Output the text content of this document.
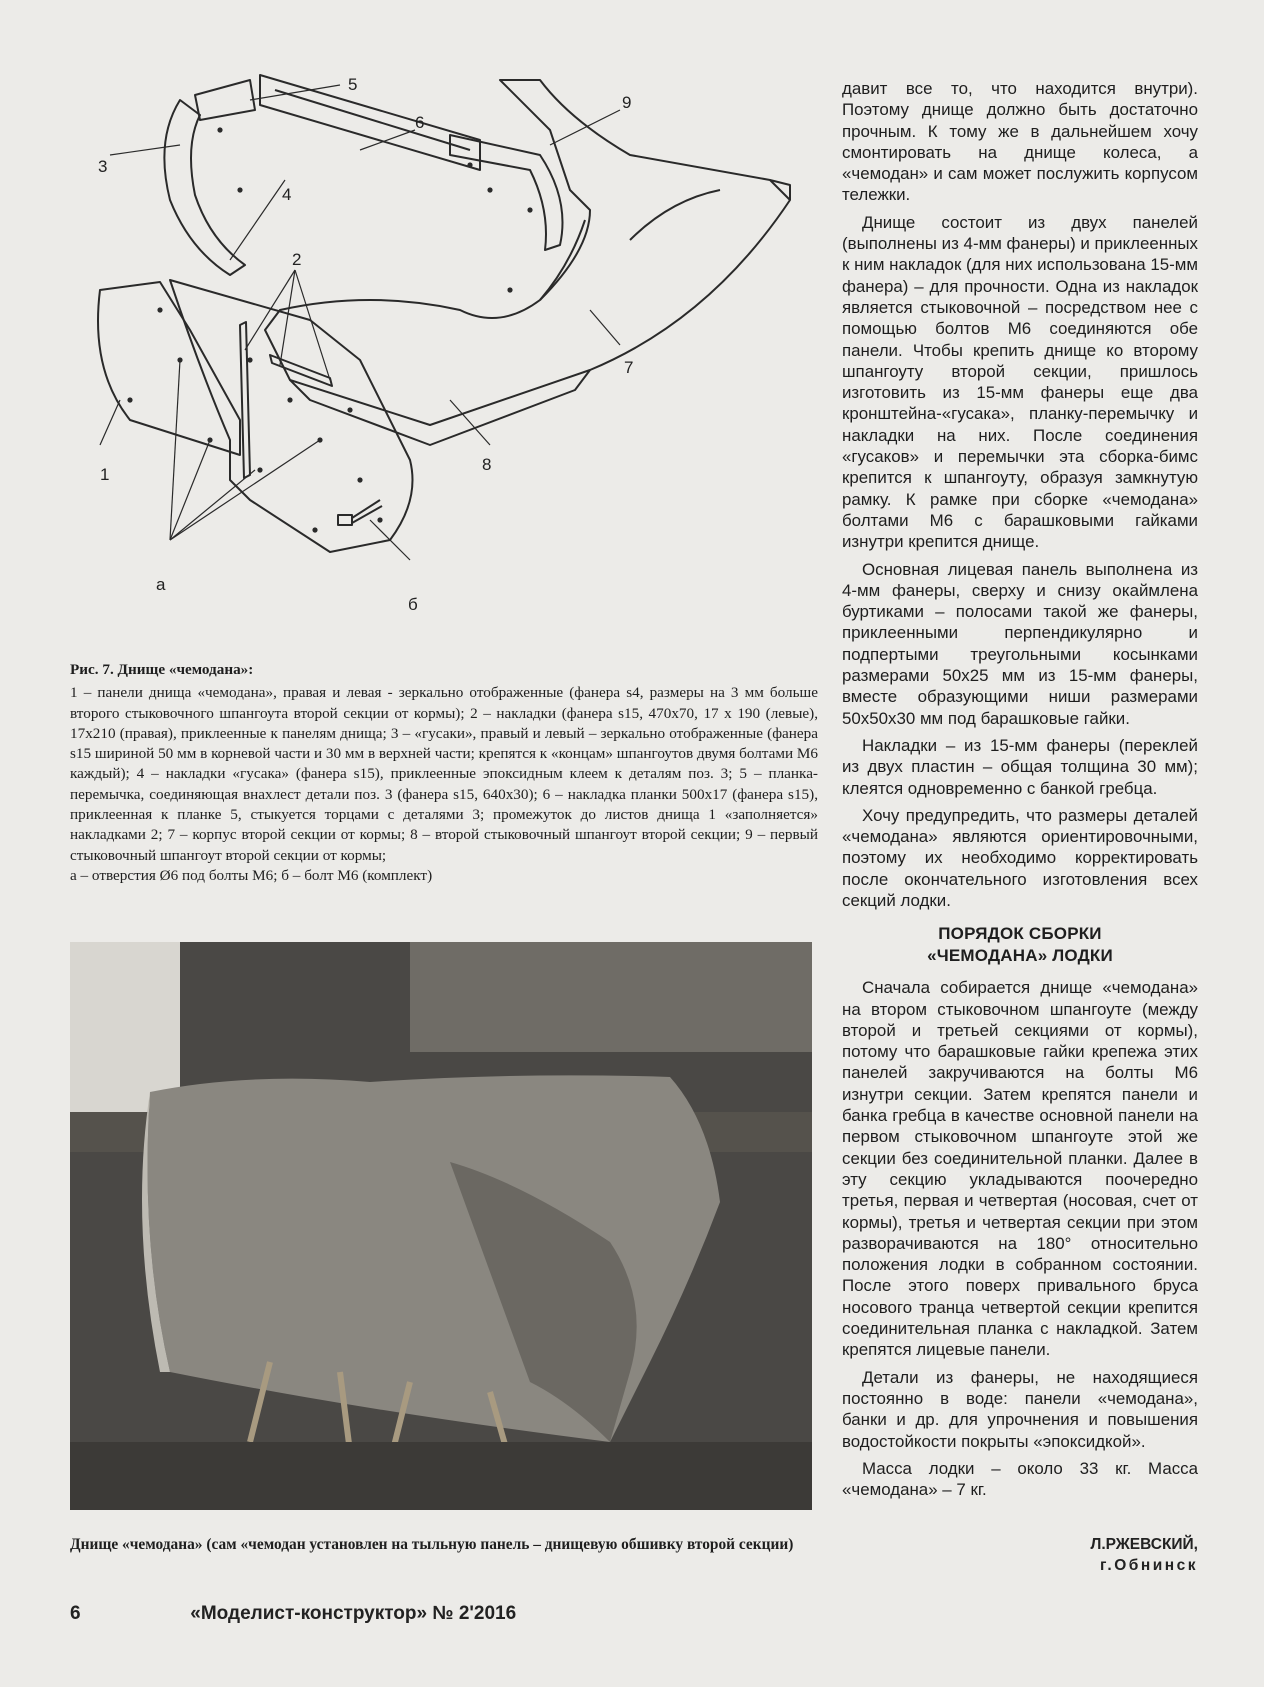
1
2
3
4
5
6
7
8
9
а
б

Рис. 7. Днище «чемодана»:

1 – панели днища «чемодана», правая и левая - зеркально отображенные (фанера s4, размеры на 3 мм больше второго стыковочного шпангоута второй секции от кормы); 2 – накладки (фанера s15, 470x70, 17 x 190 (левые), 17x210 (правая), приклеенные к панелям днища; 3 – «гусаки», правый и левый – зеркально отображенные (фанера s15 шириной 50 мм в корневой части и 30 мм в верхней части; крепятся к «концам» шпангоутов двумя болтами М6 каждый); 4 – накладки «гусака» (фанера s15), приклеенные эпоксидным клеем к деталям поз. 3; 5 – планка-перемычка, соединяющая внахлест детали поз. 3 (фанера s15, 640x30); 6 – накладка планки 500x17 (фанера s15), приклеенная к планке 5, стыкуется торцами с деталями 3; промежуток до листов днища 1 «заполняется» накладками 2; 7 – корпус второй секции от кормы; 8 – второй стыковочный шпангоут второй секции; 9 – первый стыковочный шпангоут второй секции от кормы;

а – отверстия Ø6 под болты М6; б – болт М6 (комплект)

Днище «чемодана» (сам «чемодан установлен на тыльную панель – днищевую обшивку второй секции)

давит все то, что находится внутри). Поэтому днище должно быть достаточно прочным. К тому же в дальнейшем хочу смонтировать на днище колеса, а «чемодан» и сам может послужить корпусом тележки.

Днище состоит из двух панелей (выполнены из 4-мм фанеры) и приклеенных к ним накладок (для них использована 15-мм фанера) – для прочности. Одна из накладок является стыковочной – посредством нее с помощью болтов М6 соединяются обе панели. Чтобы крепить днище ко второму шпангоуту второй секции, пришлось изготовить из 15-мм фанеры еще два кронштейна-«гусака», планку-перемычку и накладки на них. После соединения «гусаков» и перемычки эта сборка-бимс крепится к шпангоуту, образуя замкнутую рамку. К рамке при сборке «чемодана» болтами М6 с барашковыми гайками изнутри крепится днище.

Основная лицевая панель выполнена из 4-мм фанеры, сверху и снизу окаймлена буртиками – полосами такой же фанеры, приклеенными перпендикулярно и подпертыми треугольными косынками размерами 50x25 мм из 15-мм фанеры, вместе образующими ниши размерами 50x50x30 мм под барашковые гайки.

Накладки – из 15-мм фанеры (переклей из двух пластин – общая толщина 30 мм); клеятся одновременно с банкой гребца.

Хочу предупредить, что размеры деталей «чемодана» являются ориентировочными, поэтому их необходимо корректировать после окончательного изготовления всех секций лодки.

ПОРЯДОК СБОРКИ
«ЧЕМОДАНА» ЛОДКИ

Сначала собирается днище «чемодана» на втором стыковочном шпангоуте (между второй и третьей секциями от кормы), потому что барашковые гайки крепежа этих панелей закручиваются на болты М6 изнутри секции. Затем крепятся панели и банка гребца в качестве основной панели на первом стыковочном шпангоуте этой же секции без соединительной планки. Далее в эту секцию укладываются поочередно третья, первая и четвертая (носовая, счет от кормы), третья и четвертая секции при этом разворачиваются на 180° относительно положения лодки в собранном состоянии. После этого поверх привального бруса носового транца четвертой секции крепится соединительная планка с накладкой. Затем крепятся лицевые панели.

Детали из фанеры, не находящиеся постоянно в воде: панели «чемодана», банки и др. для упрочнения и повышения водостойкости покрыты «эпоксидкой».

Масса лодки – около 33 кг. Масса «чемодана» – 7 кг.

Л.РЖЕВСКИЙ,
г.Обнинск
6	«Моделист-конструктор» № 2'2016
